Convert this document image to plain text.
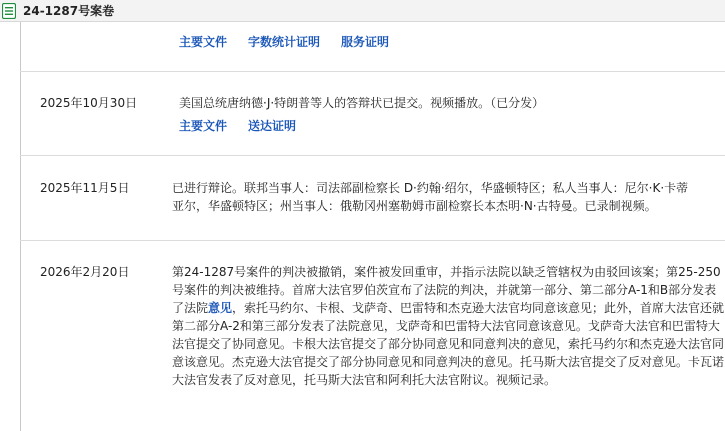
24-1287号案卷
主要文件 字数统计证明 服务证明
2025年10月30日	美国总统唐纳德·J·特朗普等人的答辩状已提交。视频播放。（已分发）
主要文件 送达证明
2025年11月5日	已进行辩论。联邦当事人：司法部副检察长 D·约翰·绍尔，华盛顿特区；私人当事人：尼尔·K·卡蒂
亚尔，华盛顿特区；州当事人：俄勒冈州塞勒姆市副检察长本杰明·N·古特曼。已录制视频。
2026年2月20日	第24-1287号案件的判决被撤销，案件被发回重审，并指示法院以缺乏管辖权为由驳回该案；第25-250号案件的判决被维持。首席大法官罗伯茨宣布了法院的判决，并就第一部分、第二部分A-1和B部分发表了法院意见，索托马约尔、卡根、戈萨奇、巴雷特和杰克逊大法官均同意该意见；此外，首席大法官还就第二部分A-2和第三部分发表了法院意见，戈萨奇和巴雷特大法官同意该意见。戈萨奇大法官和巴雷特大法官提交了协同意见。卡根大法官提交了部分协同意见和同意判决的意见，索托马约尔和杰克逊大法官同意该意见。杰克逊大法官提交了部分协同意见和同意判决的意见。托马斯大法官提交了反对意见。卡瓦诺大法官发表了反对意见，托马斯大法官和阿利托大法官附议。视频记录。
